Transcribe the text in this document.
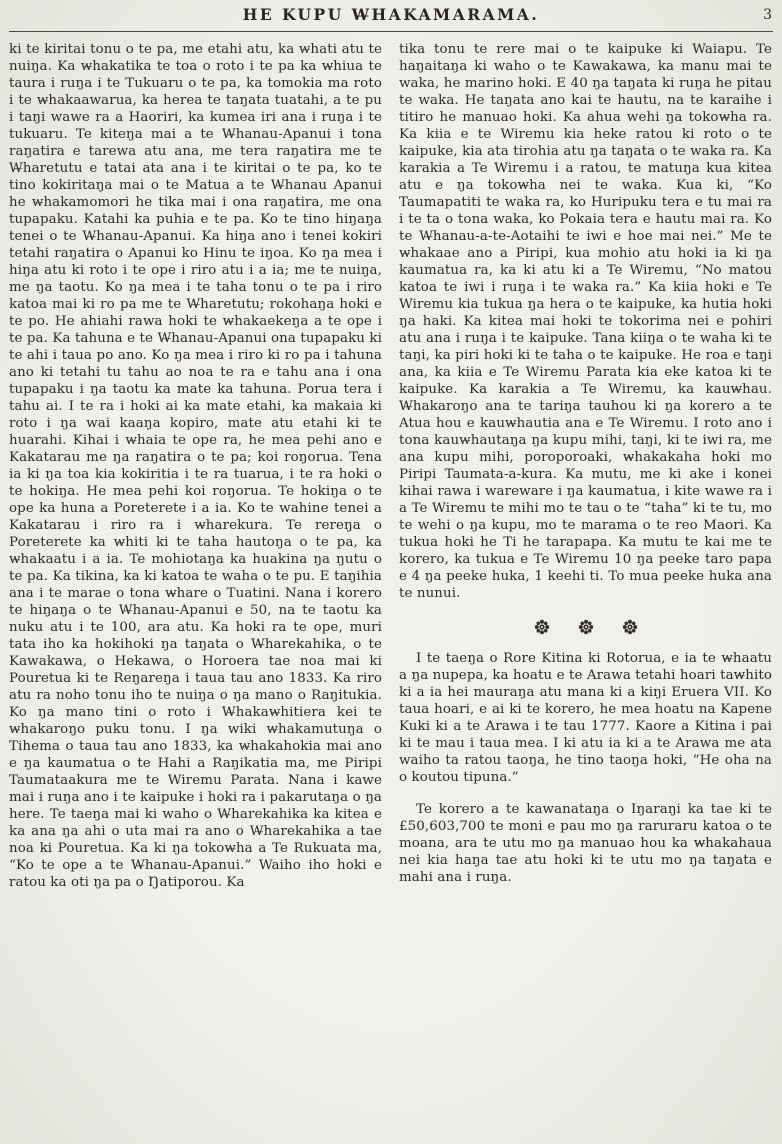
HE KUPU W̶HAKAMARAMA.	3

ki te kiritai tonu o te pa, me etahi atu, ka w̶hati atu te nuiŋa. Ka w̶hakatika te toa o roto i te pa ka w̶hiua te taura i ruŋa i te Tukuaru o te pa, ka tomokia ma roto i te w̶hakaawarua, ka herea te taŋata tuatahi, a te pu i taŋi wawe ra a Haoriri, ka kumea iri ana i ruŋa i te tukuaru. Te kiteŋa mai a te W̶hanau-Apanui i tona raŋatira e tarewa atu ana, me tera raŋatira me te W̶haretutu e tatai ata ana i te kiritai o te pa, ko te tino kokiritaŋa mai o te Matua a te W̶hanau Apanui he w̶hakamomori he tika mai i ona raŋatira, me ona tupapaku. Katahi ka puhia e te pa. Ko te tino hiŋaŋa tenei o te W̶hanau-Apanui. Ka hiŋa ano i tenei kokiri tetahi raŋatira o Apanui ko Hinu te iŋoa. Ko ŋa mea i hiŋa atu ki roto i te ope i riro atu i a ia; me te nuiŋa, me ŋa taotu. Ko ŋa mea i te taha tonu o te pa i riro katoa mai ki ro pa me te W̶haretutu; rokohaŋa hoki e te po. He ahiahi rawa hoki te w̶hakaekeŋa a te ope i te pa. Ka tahuna e te W̶hanau-Apanui ona tupapaku ki te ahi i taua po ano. Ko ŋa mea i riro ki ro pa i tahuna ano ki tetahi tu tahu ao noa te ra e tahu ana i ona tupapaku i ŋa taotu ka mate ka tahuna. Porua tera i tahu ai. I te ra i hoki ai ka mate etahi, ka makaia ki roto i ŋa wai kaaŋa kopiro, mate atu etahi ki te huarahi. Kihai i w̶haia te ope ra, he mea pehi ano e Kakatarau me ŋa raŋatira o te pa; koi roŋorua. Tena ia ki ŋa toa kia kokiritia i te ra tuarua, i te ra hoki o te hokiŋa. He mea pehi koi roŋorua. Te hokiŋa o te ope ka huna a Poreterete i a ia. Ko te wahine tenei a Kakatarau i riro ra i w̶harekura. Te rereŋa o Poreterete ka w̶hiti ki te taha hautoŋa o te pa, ka w̶hakaatu i a ia. Te mohiotaŋa ka huakina ŋa ŋutu o te pa. Ka tikina, ka ki katoa te waha o te pu. E taŋihia ana i te marae o tona w̶hare o Tuatini. Nana i korero te hiŋaŋa o te W̶hanau-Apanui e 50, na te taotu ka nuku atu i te 100, ara atu. Ka hoki ra te ope, muri tata iho ka hokihoki ŋa taŋata o W̶harekahika, o te Kawakawa, o Hekawa, o Horoera tae noa mai ki Pouretua ki te Reŋareŋa i taua tau ano 1833. Ka riro atu ra noho tonu iho te nuiŋa o ŋa mano o Raŋitukia. Ko ŋa mano tini o roto i W̶hakaw̶hitiera kei te w̶hakaroŋo puku tonu. I ŋa wiki w̶hakamutuŋa o Tihema o taua tau ano 1833, ka w̶hakahokia mai ano e ŋa kaumatua o te Hahi a Raŋikatia ma, me Piripi Taumataakura me te Wiremu Parata. Nana i kawe mai i ruŋa ano i te kaipuke i hoki ra i pakarutaŋa o ŋa here. Te taeŋa mai ki waho o W̶harekahika ka kitea e ka ana ŋa ahi o uta mai ra ano o W̶harekahika a tae noa ki Pouretua. Ka ki ŋa tokow̶ha a Te Rukuata ma, “Ko te ope a te W̶hanau-Apanui.” Waiho iho hoki e ratou ka oti ŋa pa o Ŋatiporou. Ka

tika tonu te rere mai o te kaipuke ki Waiapu. Te haŋaitaŋa ki waho o te Kawakawa, ka manu mai te waka, he marino hoki. E 40 ŋa taŋata ki ruŋa he pitau te waka. He taŋata ano kai te hautu, na te karaihe i titiro he manuao hoki. Ka ahua wehi ŋa tokow̶ha ra. Ka kiia e te Wiremu kia heke ratou ki roto o te kaipuke, kia ata tirohia atu ŋa taŋata o te waka ra. Ka karakia a Te Wiremu i a ratou, te matuŋa kua kitea atu e ŋa tokow̶ha nei te waka. Kua ki, “Ko Taumapatiti te waka ra, ko Huripuku tera e tu mai ra i te ta o tona waka, ko Pokaia tera e hautu mai ra. Ko te W̶hanau-a-te-Aotaihi te iwi e hoe mai nei.” Me te w̶hakaae ano a Piripi, kua mohio atu hoki ia ki ŋa kaumatua ra, ka ki atu ki a Te Wiremu, “No matou katoa te iwi i ruŋa i te waka ra.” Ka kiia hoki e Te Wiremu kia tukua ŋa hera o te kaipuke, ka hutia hoki ŋa haki. Ka kitea mai hoki te tokorima nei e pohiri atu ana i ruŋa i te kaipuke. Tana kiiŋa o te waha ki te taŋi, ka piri hoki ki te taha o te kaipuke. He roa e taŋi ana, ka kiia e Te Wiremu Parata kia eke katoa ki te kaipuke. Ka karakia a Te Wiremu, ka kauw̶hau. W̶hakaroŋo ana te tariŋa tauhou ki ŋa korero a te Atua hou e kauw̶hautia ana e Te Wiremu. I roto ano i tona kauw̶hautaŋa ŋa kupu mihi, taŋi, ki te iwi ra, me ana kupu mihi, poroporoaki, w̶hakakaha hoki mo Piripi Taumata-a-kura. Ka mutu, me ki ake i konei kihai rawa i wareware i ŋa kaumatua, i kite wawe ra i a Te Wiremu te mihi mo te tau o te “taha” ki te tu, mo te wehi o ŋa kupu, mo te marama o te reo Maori. Ka tukua hoki he Ti he tarapapa. Ka mutu te kai me te korero, ka tukua e Te Wiremu 10 ŋa peeke taro papa e 4 ŋa peeke huka, 1 keehi ti. To mua peeke huka ana te nunui.

I te taeŋa o Rore Kitina ki Rotorua, e ia te w̶haatu a ŋa nupepa, ka hoatu e te Arawa tetahi hoari taw̶hito ki a ia hei mauraŋa atu mana ki a kiŋi Eruera VII. Ko taua hoari, e ai ki te korero, he mea hoatu na Kapene Kuki ki a te Arawa i te tau 1777. Kaore a Kitina i pai ki te mau i taua mea. I ki atu ia ki a te Arawa me ata waiho ta ratou taoŋa, he tino taoŋa hoki, “He oha na o koutou tipuna.”

Te korero a te kawanataŋa o Iŋaraŋi ka tae ki te £50,603,700 te moni e pau mo ŋa raruraru katoa o te moana, ara te utu mo ŋa manuao hou ka w̶hakahaua nei kia haŋa tae atu hoki ki te utu mo ŋa taŋata e mahi ana i ruŋa.
